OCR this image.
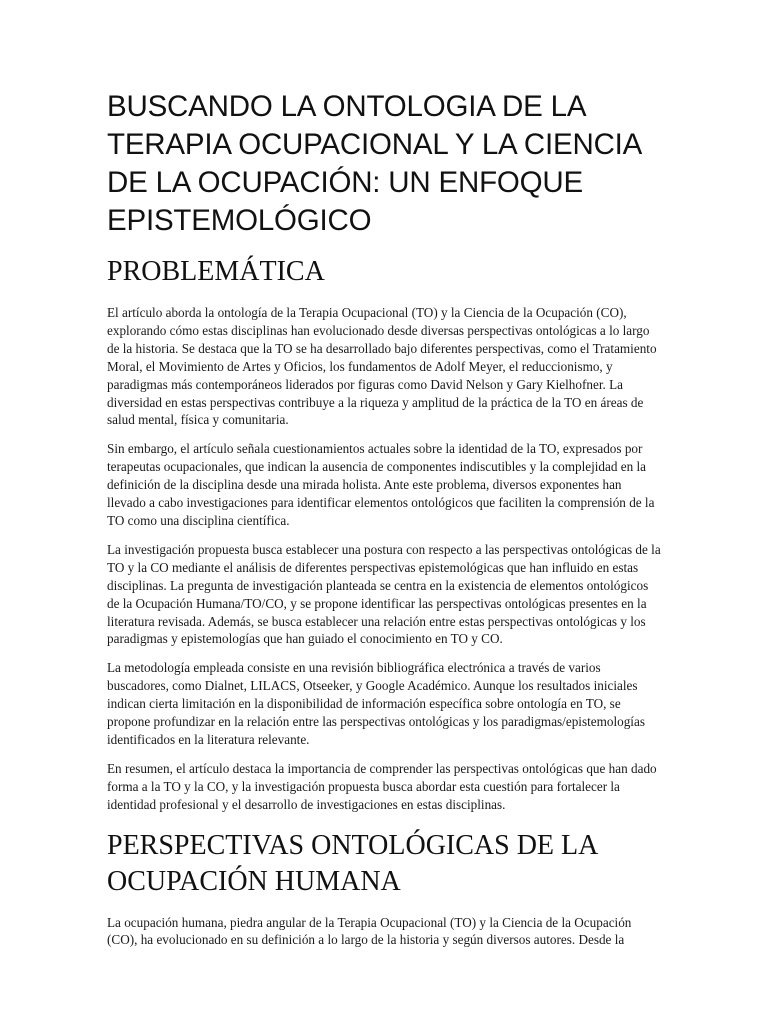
BUSCANDO LA ONTOLOGIA DE LA TERAPIA OCUPACIONAL Y LA CIENCIA DE LA OCUPACIÓN: UN ENFOQUE EPISTEMOLÓGICO
PROBLEMÁTICA

El artículo aborda la ontología de la Terapia Ocupacional (TO) y la Ciencia de la Ocupación (CO), explorando cómo estas disciplinas han evolucionado desde diversas perspectivas ontológicas a lo largo de la historia. Se destaca que la TO se ha desarrollado bajo diferentes perspectivas, como el Tratamiento Moral, el Movimiento de Artes y Oficios, los fundamentos de Adolf Meyer, el reduccionismo, y paradigmas más contemporáneos liderados por figuras como David Nelson y Gary Kielhofner. La diversidad en estas perspectivas contribuye a la riqueza y amplitud de la práctica de la TO en áreas de salud mental, física y comunitaria.

Sin embargo, el artículo señala cuestionamientos actuales sobre la identidad de la TO, expresados por terapeutas ocupacionales, que indican la ausencia de componentes indiscutibles y la complejidad en la definición de la disciplina desde una mirada holista. Ante este problema, diversos exponentes han llevado a cabo investigaciones para identificar elementos ontológicos que faciliten la comprensión de la TO como una disciplina científica.

La investigación propuesta busca establecer una postura con respecto a las perspectivas ontológicas de la TO y la CO mediante el análisis de diferentes perspectivas epistemológicas que han influido en estas disciplinas. La pregunta de investigación planteada se centra en la existencia de elementos ontológicos de la Ocupación Humana/TO/CO, y se propone identificar las perspectivas ontológicas presentes en la literatura revisada. Además, se busca establecer una relación entre estas perspectivas ontológicas y los paradigmas y epistemologías que han guiado el conocimiento en TO y CO.

La metodología empleada consiste en una revisión bibliográfica electrónica a través de varios buscadores, como Dialnet, LILACS, Otseeker, y Google Académico. Aunque los resultados iniciales indican cierta limitación en la disponibilidad de información específica sobre ontología en TO, se propone profundizar en la relación entre las perspectivas ontológicas y los paradigmas/epistemologías identificados en la literatura relevante.

En resumen, el artículo destaca la importancia de comprender las perspectivas ontológicas que han dado forma a la TO y la CO, y la investigación propuesta busca abordar esta cuestión para fortalecer la identidad profesional y el desarrollo de investigaciones en estas disciplinas.

PERSPECTIVAS ONTOLÓGICAS DE LA OCUPACIÓN HUMANA

La ocupación humana, piedra angular de la Terapia Ocupacional (TO) y la Ciencia de la Ocupación (CO), ha evolucionado en su definición a lo largo de la historia y según diversos autores. Desde la
